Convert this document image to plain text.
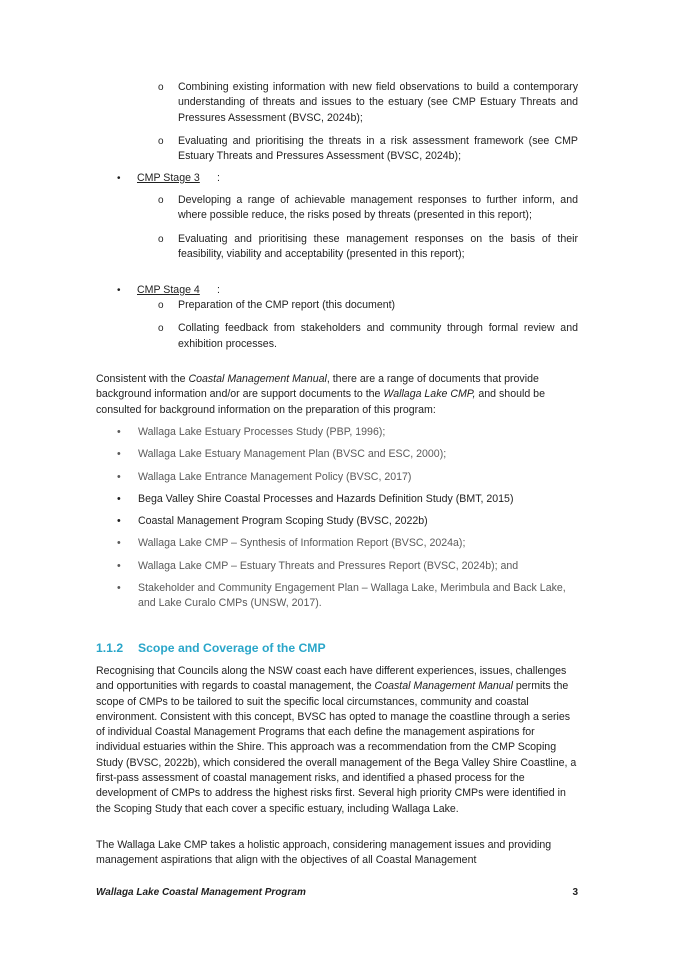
o Combining existing information with new field observations to build a contemporary understanding of threats and issues to the estuary (see CMP Estuary Threats and Pressures Assessment (BVSC, 2024b);
o Evaluating and prioritising the threats in a risk assessment framework (see CMP Estuary Threats and Pressures Assessment (BVSC, 2024b);
• CMP Stage 3 :
o Developing a range of achievable management responses to further inform, and where possible reduce, the risks posed by threats (presented in this report);
o Evaluating and prioritising these management responses on the basis of their feasibility, viability and acceptability (presented in this report);
• CMP Stage 4 :
o Preparation of the CMP report (this document)
o Collating feedback from stakeholders and community through formal review and exhibition processes.

Consistent with the Coastal Management Manual, there are a range of documents that provide background information and/or are support documents to the Wallaga Lake CMP, and should be consulted for background information on the preparation of this program:

• Wallaga Lake Estuary Processes Study (PBP, 1996);
• Wallaga Lake Estuary Management Plan (BVSC and ESC, 2000);
• Wallaga Lake Entrance Management Policy (BVSC, 2017)
• Bega Valley Shire Coastal Processes and Hazards Definition Study (BMT, 2015)
• Coastal Management Program Scoping Study (BVSC, 2022b)
• Wallaga Lake CMP – Synthesis of Information Report (BVSC, 2024a);
• Wallaga Lake CMP – Estuary Threats and Pressures Report (BVSC, 2024b); and
• Stakeholder and Community Engagement Plan – Wallaga Lake, Merimbula and Back Lake, and Lake Curalo CMPs (UNSW, 2017).
1.1.2 Scope and Coverage of the CMP

Recognising that Councils along the NSW coast each have different experiences, issues, challenges and opportunities with regards to coastal management, the Coastal Management Manual permits the scope of CMPs to be tailored to suit the specific local circumstances, community and coastal environment. Consistent with this concept, BVSC has opted to manage the coastline through a series of individual Coastal Management Programs that each define the management aspirations for individual estuaries within the Shire. This approach was a recommendation from the CMP Scoping Study (BVSC, 2022b), which considered the overall management of the Bega Valley Shire Coastline, a first-pass assessment of coastal management risks, and identified a phased process for the development of CMPs to address the highest risks first. Several high priority CMPs were identified in the Scoping Study that each cover a specific estuary, including Wallaga Lake.

The Wallaga Lake CMP takes a holistic approach, considering management issues and providing management aspirations that align with the objectives of all Coastal Management

Wallaga Lake Coastal Management Program	3
